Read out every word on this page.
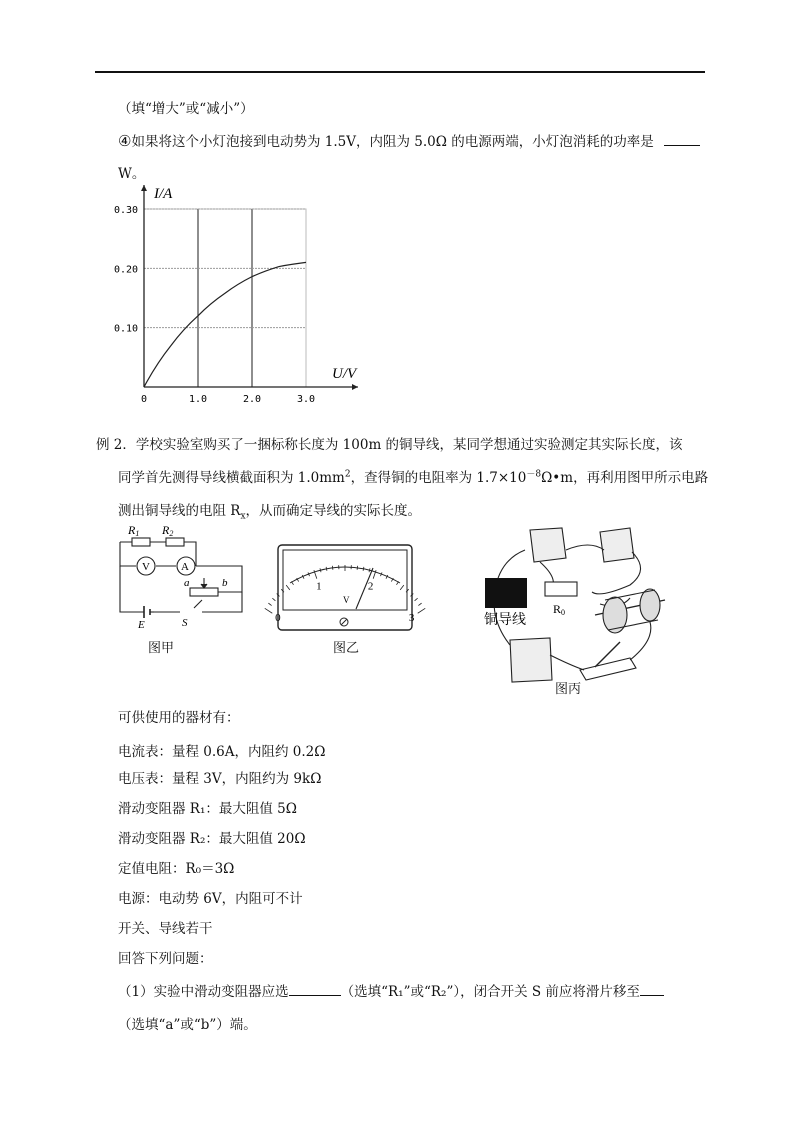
（填“增大”或“减小”）
④如果将这个小灯泡接到电动势为 1.5V，内阻为 5.0Ω 的电源两端，小灯泡消耗的功率是
W。
I/A
U/V
0	1.0	2.0	3.0
0.10
0.20
0.30
例 2．学校实验室购买了一捆标称长度为 100m 的铜导线，某同学想通过实验测定其实际长度，该
同学首先测得导线横截面积为 $1.0mm^2$，查得铜的电阻率为 $1.7\times 10^{-8}\Omega•m$，再利用图甲所示电路
测出铜导线的电阻 $R_x$，从而确定导线的实际长度。
R1 R2
V	A
a	b
E	S
图甲
0
1	2
3
V
图乙
铜导线
R0
图丙
可供使用的器材有：
电流表：量程 0.6A，内阻约 0.2Ω
电压表：量程 3V，内阻约为 9kΩ
滑动变阻器 R₁：最大阻值 5Ω
滑动变阻器 R₂：最大阻值 20Ω
定值电阻：R₀＝3Ω
电源：电动势 6V，内阻可不计
开关、导线若干
回答下列问题：
（1）实验中滑动变阻器应选	（选填“R₁”或“R₂”），闭合开关 S 前应将滑片移至
（选填“a”或“b”）端。
